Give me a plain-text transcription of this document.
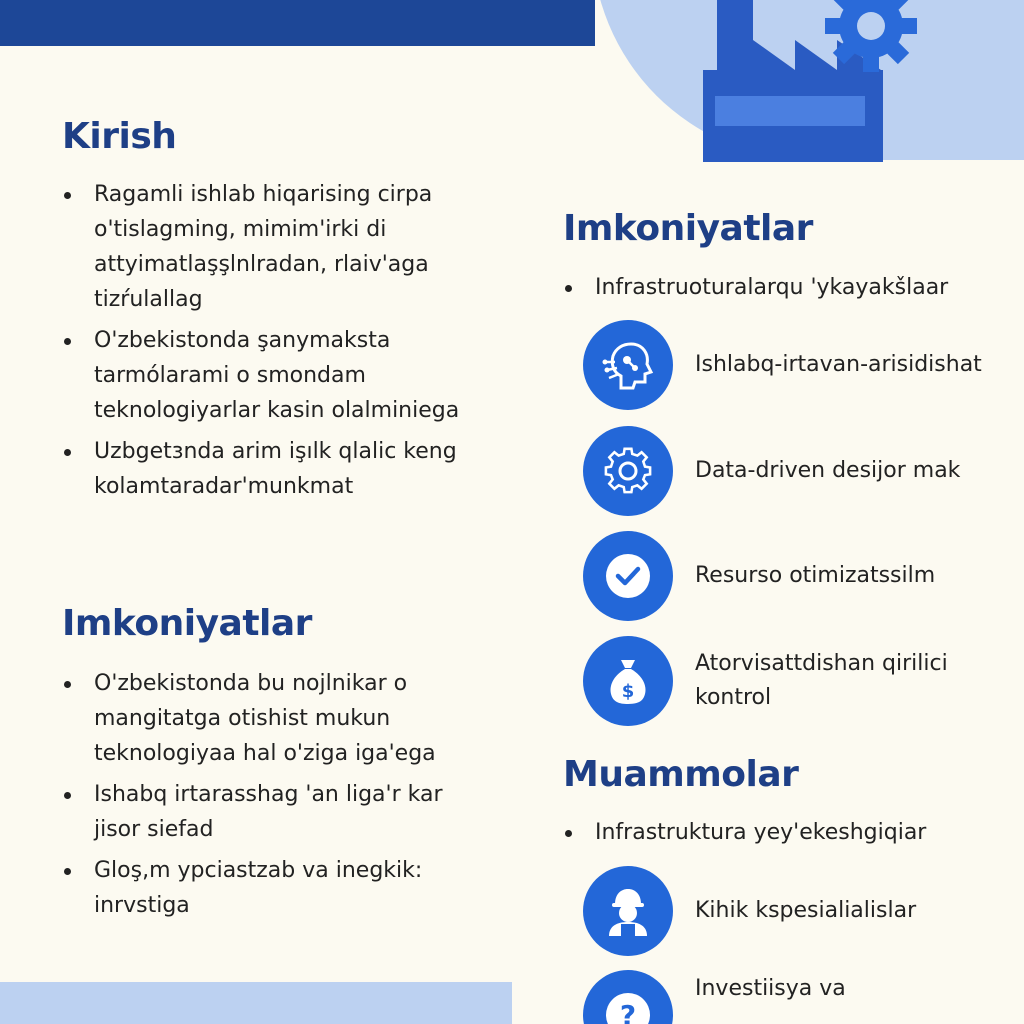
Kirish
Ragamli ishlab hiqarising cirpa o'tislagming, mimim'irki di attyimatlaşşlnlradan, rlaiv'aga tizŕulallag
O'zbekistonda şanymaksta tarmólarami o smondam teknologiyarlar kasin olalminiega
Uzbgetзnda arim işılk qlalic keng kolamtaradar'munkmat
Imkoniyatlar
O'zbekistonda bu nojlnikar o mangitatga otishist mukun teknologiyaa hal o'ziga iga'ega
Ishabq irtarasshag 'an liga'r kar jisor siefad
Gloş,m ypciastzab va inegkik: inrvstiga
Imkoniyatlar
Infrastruoturalarqu 'ykayakšlaar
Ishlabq-irtavan-arisidishat
Data-driven desijor mak
Resurso otimizatssilm
$
Atorvisattdishan qirilici kontrol
Muammolar
Infrastruktura yey'ekeshgiqiar
Kihik kspesialialislar
?
Investiisya va
